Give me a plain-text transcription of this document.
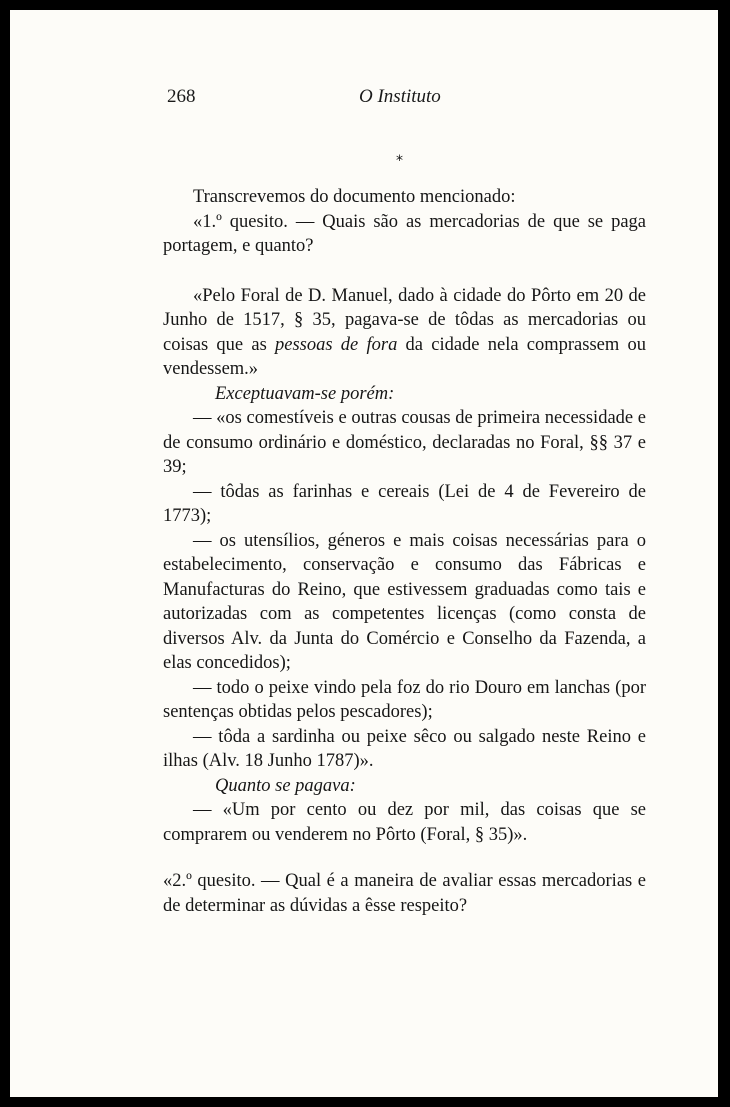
268	O Instituto
*

Transcrevemos do documento mencionado:

«1.º quesito. — Quais são as mercadorias de que se paga portagem, e quanto?

«Pelo Foral de D. Manuel, dado à cidade do Pôrto em 20 de Junho de 1517, § 35, pagava-se de tôdas as mercadorias ou coisas que as pessoas de fora da cidade nela comprassem ou vendessem.»

Exceptuavam-se porém:

— «os comestíveis e outras cousas de primeira necessidade e de consumo ordinário e doméstico, declaradas no Foral, §§ 37 e 39;

— tôdas as farinhas e cereais (Lei de 4 de Fevereiro de 1773);

— os utensílios, géneros e mais coisas necessárias para o estabelecimento, conservação e consumo das Fábricas e Manufacturas do Reino, que estivessem graduadas como tais e autorizadas com as competentes licenças (como consta de diversos Alv. da Junta do Comércio e Conselho da Fazenda, a elas concedidos);

— todo o peixe vindo pela foz do rio Douro em lanchas (por sentenças obtidas pelos pescadores);

— tôda a sardinha ou peixe sêco ou salgado neste Reino e ilhas (Alv. 18 Junho 1787)».

Quanto se pagava:

— «Um por cento ou dez por mil, das coisas que se comprarem ou venderem no Pôrto (Foral, § 35)».

«2.º quesito. — Qual é a maneira de avaliar essas mercadorias e de determinar as dúvidas a êsse respeito?
